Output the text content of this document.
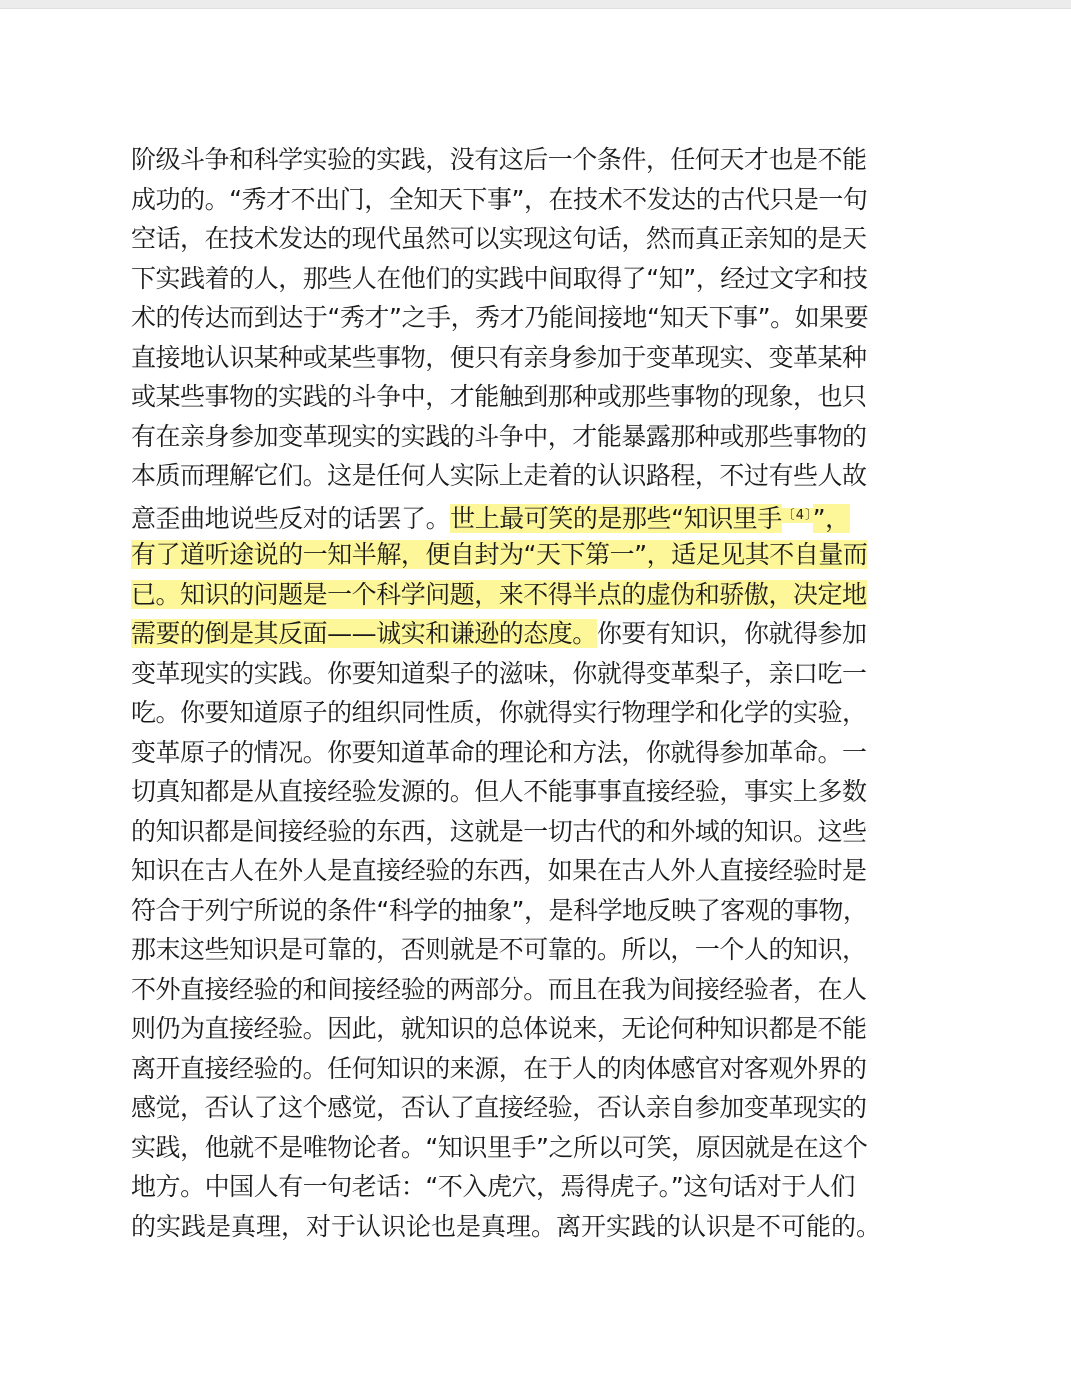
阶级斗争和科学实验的实践，没有这后一个条件，任何天才也是不能
成功的。“秀才不出门，全知天下事”，在技术不发达的古代只是一句
空话，在技术发达的现代虽然可以实现这句话，然而真正亲知的是天
下实践着的人，那些人在他们的实践中间取得了“知”，经过文字和技
术的传达而到达于“秀才”之手，秀才乃能间接地“知天下事”。如果要
直接地认识某种或某些事物，便只有亲身参加于变革现实、变革某种
或某些事物的实践的斗争中，才能触到那种或那些事物的现象，也只
有在亲身参加变革现实的实践的斗争中，才能暴露那种或那些事物的
本质而理解它们。这是任何人实际上走着的认识路程，不过有些人故
意歪曲地说些反对的话罢了。世上最可笑的是那些“知识里手$^{〔4〕}$”，
有了道听途说的一知半解，便自封为“天下第一”，适足见其不自量而
已。知识的问题是一个科学问题，来不得半点的虚伪和骄傲，决定地
需要的倒是其反面——诚实和谦逊的态度。你要有知识，你就得参加
变革现实的实践。你要知道梨子的滋味，你就得变革梨子，亲口吃一
吃。你要知道原子的组织同性质，你就得实行物理学和化学的实验，
变革原子的情况。你要知道革命的理论和方法，你就得参加革命。一
切真知都是从直接经验发源的。但人不能事事直接经验，事实上多数
的知识都是间接经验的东西，这就是一切古代的和外域的知识。这些
知识在古人在外人是直接经验的东西，如果在古人外人直接经验时是
符合于列宁所说的条件“科学的抽象”，是科学地反映了客观的事物，
那末这些知识是可靠的，否则就是不可靠的。所以，一个人的知识，
不外直接经验的和间接经验的两部分。而且在我为间接经验者，在人
则仍为直接经验。因此，就知识的总体说来，无论何种知识都是不能
离开直接经验的。任何知识的来源，在于人的肉体感官对客观外界的
感觉，否认了这个感觉，否认了直接经验，否认亲自参加变革现实的
实践，他就不是唯物论者。“知识里手”之所以可笑，原因就是在这个
地方。中国人有一句老话：“不入虎穴，焉得虎子。”这句话对于人们
的实践是真理，对于认识论也是真理。离开实践的认识是不可能的。
